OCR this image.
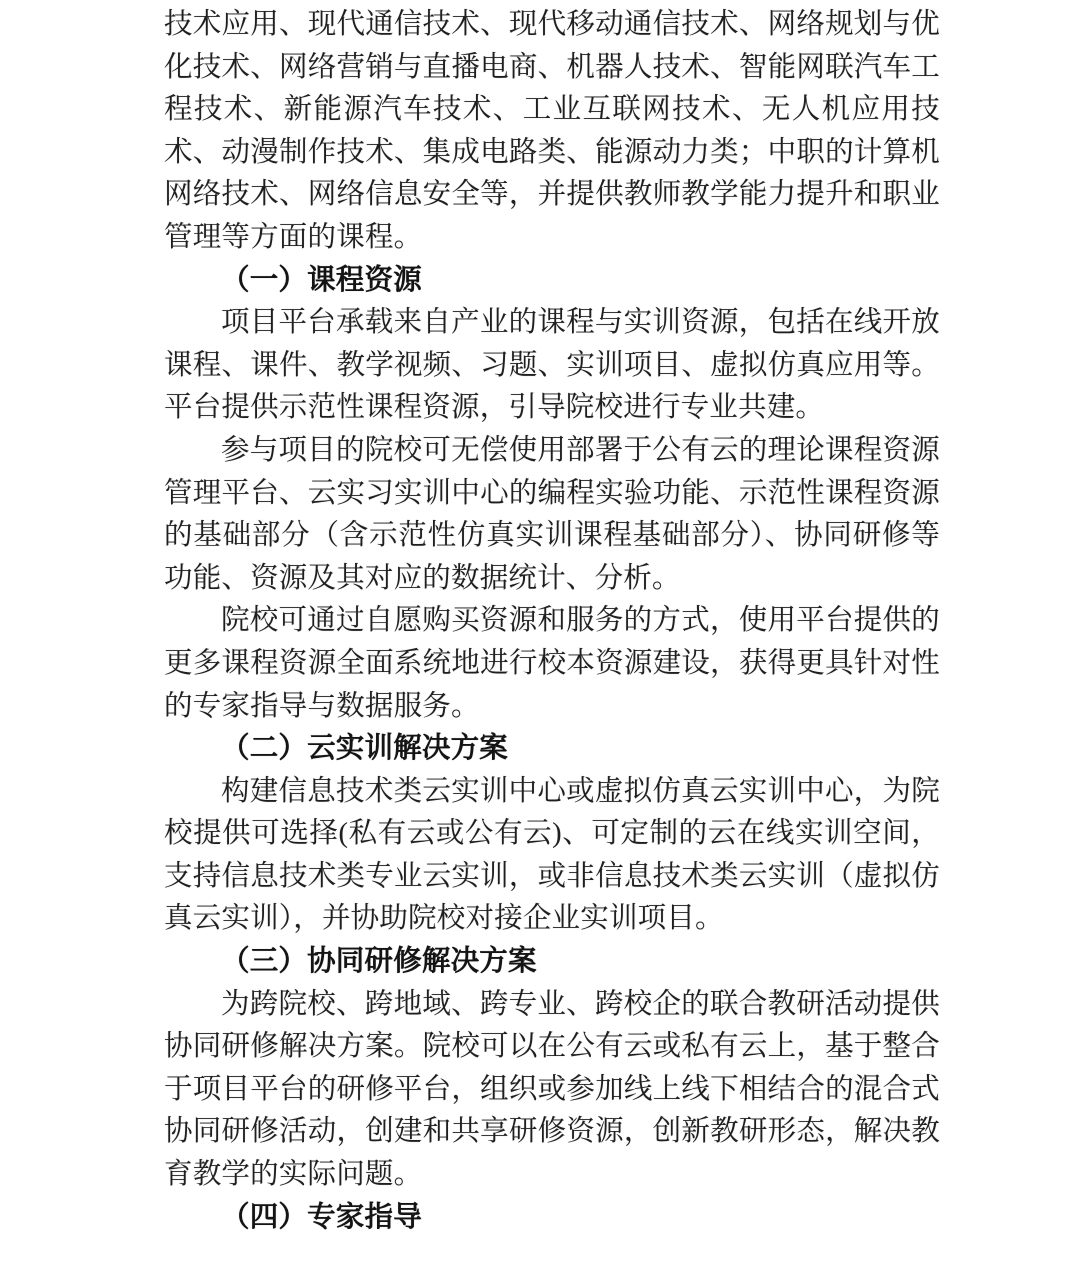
技术应用、现代通信技术、现代移动通信技术、网络规划与优化技术、网络营销与直播电商、机器人技术、智能网联汽车工程技术、新能源汽车技术、工业互联网技术、无人机应用技术、动漫制作技术、集成电路类、能源动力类；中职的计算机网络技术、网络信息安全等，并提供教师教学能力提升和职业管理等方面的课程。

（一）课程资源

项目平台承载来自产业的课程与实训资源，包括在线开放课程、课件、教学视频、习题、实训项目、虚拟仿真应用等。平台提供示范性课程资源，引导院校进行专业共建。

参与项目的院校可无偿使用部署于公有云的理论课程资源管理平台、云实习实训中心的编程实验功能、示范性课程资源的基础部分（含示范性仿真实训课程基础部分）、协同研修等功能、资源及其对应的数据统计、分析。

院校可通过自愿购买资源和服务的方式，使用平台提供的更多课程资源全面系统地进行校本资源建设，获得更具针对性的专家指导与数据服务。

（二）云实训解决方案

构建信息技术类云实训中心或虚拟仿真云实训中心，为院校提供可选择(私有云或公有云)、可定制的云在线实训空间，支持信息技术类专业云实训，或非信息技术类云实训（虚拟仿真云实训），并协助院校对接企业实训项目。

（三）协同研修解决方案

为跨院校、跨地域、跨专业、跨校企的联合教研活动提供协同研修解决方案。院校可以在公有云或私有云上，基于整合于项目平台的研修平台，组织或参加线上线下相结合的混合式协同研修活动，创建和共享研修资源，创新教研形态，解决教育教学的实际问题。

（四）专家指导
